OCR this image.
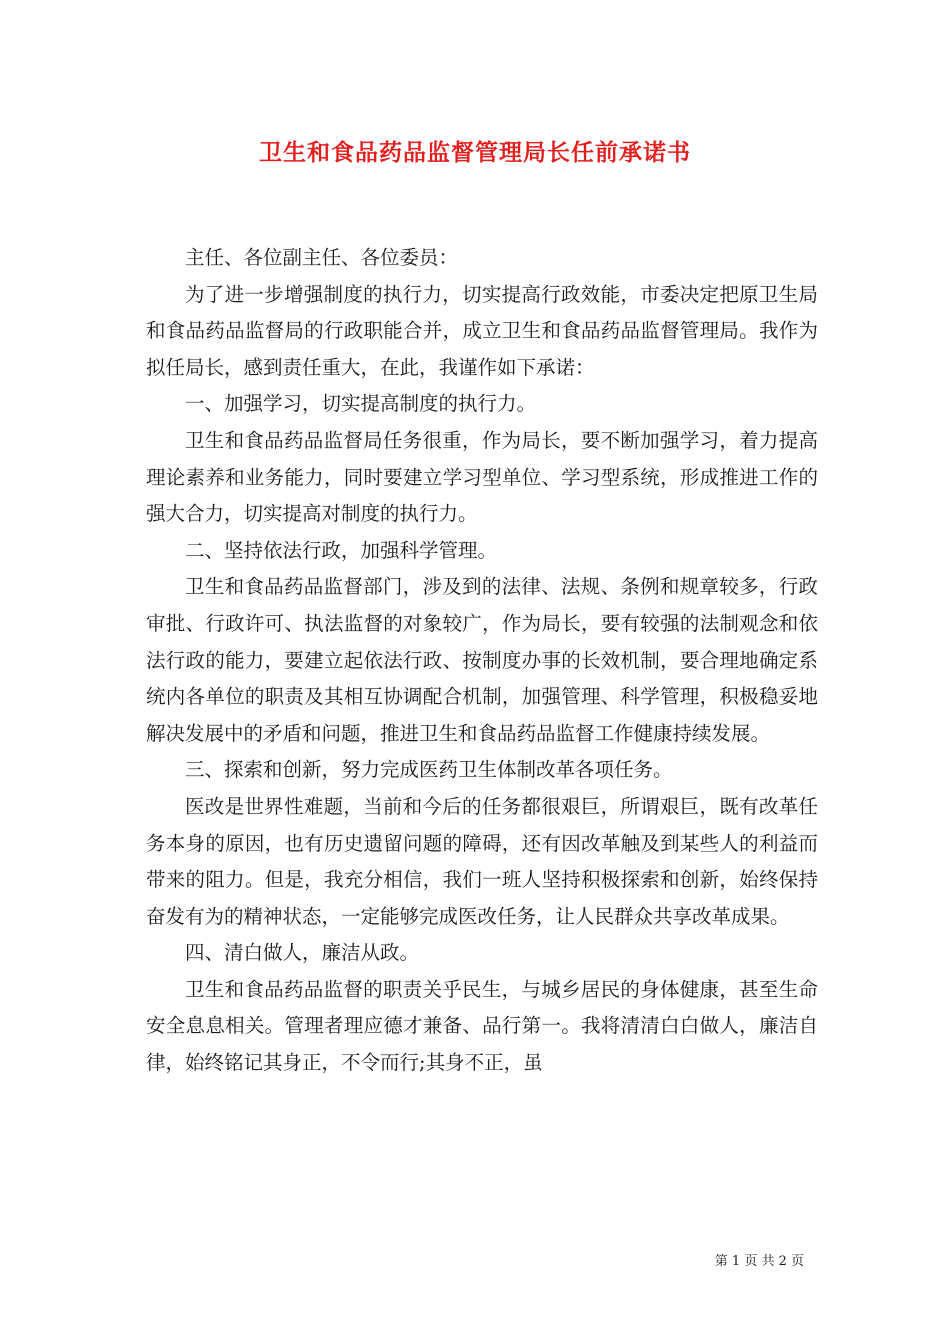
卫生和食品药品监督管理局长任前承诺书

主任、各位副主任、各位委员：

为了进一步增强制度的执行力，切实提高行政效能，市委决定把原卫生局和食品药品监督局的行政职能合并，成立卫生和食品药品监督管理局。我作为拟任局长，感到责任重大，在此，我谨作如下承诺：

一、加强学习，切实提高制度的执行力。

卫生和食品药品监督局任务很重，作为局长，要不断加强学习，着力提高理论素养和业务能力，同时要建立学习型单位、学习型系统，形成推进工作的强大合力，切实提高对制度的执行力。

二、坚持依法行政，加强科学管理。

卫生和食品药品监督部门，涉及到的法律、法规、条例和规章较多，行政审批、行政许可、执法监督的对象较广，作为局长，要有较强的法制观念和依法行政的能力，要建立起依法行政、按制度办事的长效机制，要合理地确定系统内各单位的职责及其相互协调配合机制，加强管理、科学管理，积极稳妥地解决发展中的矛盾和问题，推进卫生和食品药品监督工作健康持续发展。

三、探索和创新，努力完成医药卫生体制改革各项任务。

医改是世界性难题，当前和今后的任务都很艰巨，所谓艰巨，既有改革任务本身的原因，也有历史遗留问题的障碍，还有因改革触及到某些人的利益而带来的阻力。但是，我充分相信，我们一班人坚持积极探索和创新，始终保持奋发有为的精神状态，一定能够完成医改任务，让人民群众共享改革成果。

四、清白做人，廉洁从政。

卫生和食品药品监督的职责关乎民生，与城乡居民的身体健康，甚至生命安全息息相关。管理者理应德才兼备、品行第一。我将清清白白做人，廉洁自律，始终铭记其身正，不令而行;其身不正，虽

第 1 页 共 2 页
